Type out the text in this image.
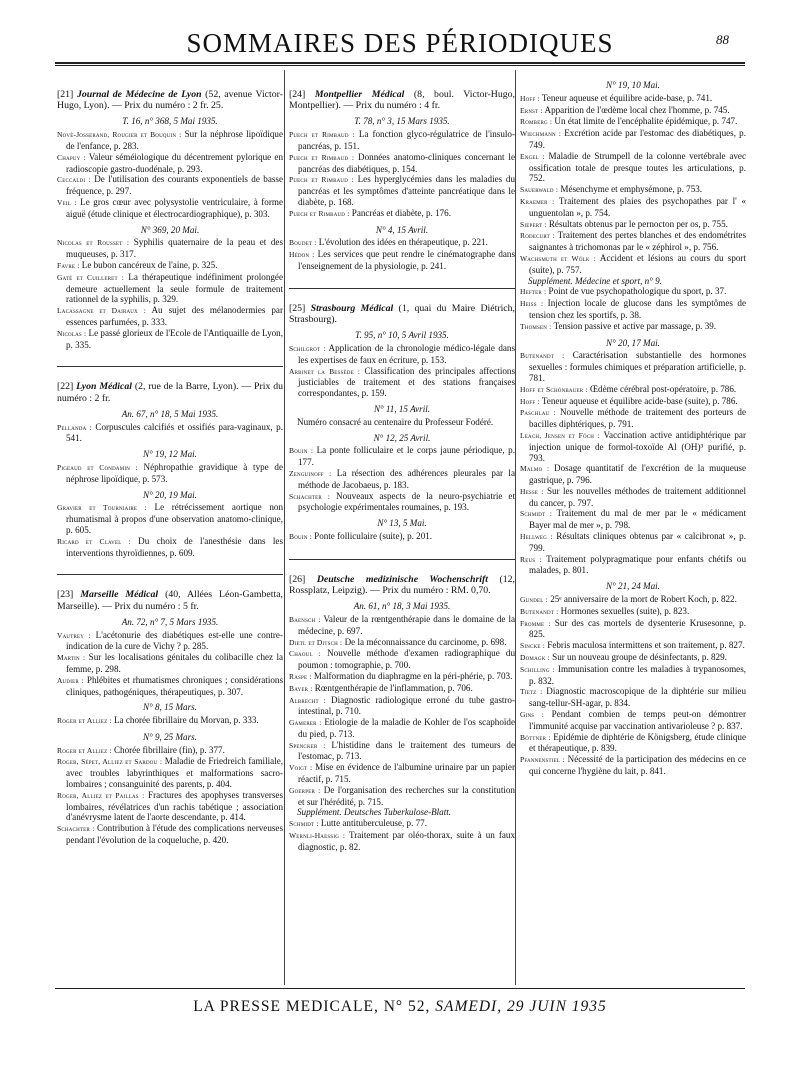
SOMMAIRES DES PÉRIODIQUES	88

[21] Journal de Médecine de Lyon (52, avenue Victor-Hugo, Lyon). — Prix du numéro : 2 fr. 25.

T. 16, n° 368, 5 Mai 1935.

Novè-Josserand, Rougier et Bouquin : Sur la néphrose lipoïdique de l'enfance, p. 283.

Chapuy : Valeur séméiologique du décentrement pylorique en radioscopie gastro-duodénale, p. 293.

Ceccaldi : De l'utilisation des courants exponentiels de basse fréquence, p. 297.

Veil : Le gros cœur avec polysystolie ventriculaire, à forme aiguë (étude clinique et électrocardiographique), p. 303.

N° 369, 20 Mai.

Nicolas et Rousset : Syphilis quaternaire de la peau et des muqueuses, p. 317.

Favre : Le bubon cancéreux de l'aine, p. 325.

Gaté et Cuilleret : La thérapeutique indéfiniment prolongée demeure actuellement la seule formule de traitement rationnel de la syphilis, p. 329.

Lacassagne et Dairaux : Au sujet des mélanodermies par essences parfumées, p. 333.

Nicolas : Le passé glorieux de l'Ecole de l'Antiquaille de Lyon, p. 335.

[22] Lyon Médical (2, rue de la Barre, Lyon). — Prix du numéro : 2 fr.

An. 67, n° 18, 5 Mai 1935.

Pellanda : Corpuscules calcifiés et ossifiés para-vaginaux, p. 541.

N° 19, 12 Mai.

Pigeaud et Condamin : Néphropathie gravidique à type de néphrose lipoïdique, p. 573.

N° 20, 19 Mai.

Gravier et Tourniaire : Le rétrécissement aortique non rhumatismal à propos d'une observation anatomo-clinique, p. 605.

Ricard et Clavel : Du choix de l'anesthésie dans les interventions thyroïdiennes, p. 609.

[23] Marseille Médical (40, Allées Léon-Gambetta, Marseille). — Prix du numéro : 5 fr.

An. 72, n° 7, 5 Mars 1935.

Vautrey : L'acétonurie des diabétiques est-elle une contre-indication de la cure de Vichy ? p. 285.

Martin : Sur les localisations génitales du colibacille chez la femme, p. 298.

Audier : Phlébites et rhumatismes chroniques ; considérations cliniques, pathogéniques, thérapeutiques, p. 307.

N° 8, 15 Mars.

Roger et Alliez : La chorée fibrillaire du Morvan, p. 333.

N° 9, 25 Mars.

Roger et Alliez : Chorée fibrillaire (fin), p. 377.

Roger, Sépet, Alliez et Sardou : Maladie de Friedreich familiale, avec troubles labyrinthiques et malformations sacro-lombaires ; consanguinité des parents, p. 404.

Roger, Alliez et Paillas : Fractures des apophyses transverses lombaires, révélatrices d'un rachis tabétique ; association d'anévrysme latent de l'aorte descendante, p. 414.

Schachter : Contribution à l'étude des complications nerveuses pendant l'évolution de la coqueluche, p. 420.

[24] Montpellier Médical (8, boul. Victor-Hugo, Montpellier). — Prix du numéro : 4 fr.

T. 78, n° 3, 15 Mars 1935.

Puech et Rimbaud : La fonction glyco-régulatrice de l'insulo-pancréas, p. 151.

Puech et Rimbaud : Données anatomo-cliniques concernant le pancréas des diabétiques, p. 154.

Puech et Rimbaud : Les hyperglycémies dans les maladies du pancréas et les symptômes d'atteinte pancréatique dans le diabète, p. 168.

Puech et Rimbaud : Pancréas et diabète, p. 176.

N° 4, 15 Avril.

Boudet : L'évolution des idées en thérapeutique, p. 221.

Hédon : Les services que peut rendre le cinématographe dans l'enseignement de la physiologie, p. 241.

[25] Strasbourg Médical (1, quai du Maire Diétrich, Strasbourg).

T. 95, n° 10, 5 Avril 1935.

Schilgrot : Application de la chronologie médico-légale dans les expertises de faux en écriture, p. 153.

Arbinet la Bessède : Classification des principales affections justiciables de traitement et des stations françaises correspondantes, p. 159.

N° 11, 15 Avril.

Numéro consacré au centenaire du Professeur Fodéré.

N° 12, 25 Avril.

Bouin : La ponte folliculaire et le corps jaune périodique, p. 177.

Zenguinoff : La résection des adhérences pleurales par la méthode de Jacobaeus, p. 183.

Schachter : Nouveaux aspects de la neuro-psychiatrie et psychologie expérimentales roumaines, p. 193.

N° 13, 5 Mai.

Bouin : Ponte folliculaire (suite), p. 201.

[26] Deutsche medizinische Wochenschrift (12, Rossplatz, Leipzig). — Prix du numéro : RM. 0,70.

An. 61, n° 18, 3 Mai 1935.

Baensch : Valeur de la rœntgenthérapie dans le domaine de la médecine, p. 697.

Dietl et Ditsch : De la méconnaissance du carcinome, p. 698.

Chaoul : Nouvelle méthode d'examen radiographique du poumon : tomographie, p. 700.

Raspe : Malformation du diaphragme en la péri-phérie, p. 703.

Bayer : Rœntgenthérapie de l'inflammation, p. 706.

Albrecht : Diagnostic radiologique erroné du tube gastro-intestinal, p. 710.

Gamerer : Etiologie de la maladie de Kohler de l'os scaphoïde du pied, p. 713.

Spencker : L'histidine dans le traitement des tumeurs de l'estomac, p. 713.

Voigt : Mise en évidence de l'albumine urinaire par un papier réactif, p. 715.

Goerper : De l'organisation des recherches sur la constitution et sur l'hérédité, p. 715.

Supplément. Deutsches Tuberkulose-Blatt.

Schmidt : Lutte antituberculeuse, p. 77.

Wernli-Haessig : Traitement par oléo-thorax, suite à un faux diagnostic, p. 82.

N° 19, 10 Mai.

Hoff : Teneur aqueuse et équilibre acide-base, p. 741.

Ernst : Apparition de l'œdème local chez l'homme, p. 745.

Romberg : Un état limite de l'encéphalite épidémique, p. 747.

Wiechmann : Excrétion acide par l'estomac des diabétiques, p. 749.

Engel : Maladie de Strumpell de la colonne vertébrale avec ossification totale de presque toutes les articulations, p. 752.

Sauerwald : Mésenchyme et emphysémone, p. 753.

Kraemer : Traitement des plaies des psychopathes par l' « unguentolan », p. 754.

Siepert : Résultats obtenus par le pernocton per os, p. 755.

Rodecurt : Traitement des pertes blanches et des endométrites saignantes à trichomonas par le « zéphirol », p. 756.

Wachsmuth et Wölk : Accident et lésions au cours du sport (suite), p. 757.

Supplément. Médecine et sport, n° 9.

Hefter : Point de vue psychopathologique du sport, p. 37.

Heiss : Injection locale de glucose dans les symptômes de tension chez les sportifs, p. 38.

Thomsen : Tension passive et active par massage, p. 39.

N° 20, 17 Mai.

Butenandt : Caractérisation substantielle des hormones sexuelles : formules chimiques et préparation artificielle, p. 781.

Hoff et Schönbauer : Œdème cérébral post-opératoire, p. 786.

Hoff : Teneur aqueuse et équilibre acide-base (suite), p. 786.

Paschlau : Nouvelle méthode de traitement des porteurs de bacilles diphtériques, p. 791.

Leach, Jensen et Föch : Vaccination active antidiphtérique par injection unique de formol-toxoïde Al (OH)³ purifié, p. 793.

Malmo : Dosage quantitatif de l'excrétion de la muqueuse gastrique, p. 796.

Hesse : Sur les nouvelles méthodes de traitement additionnel du cancer, p. 797.

Schmidt : Traitement du mal de mer par le « médicament Bayer mal de mer », p. 798.

Hellweg : Résultats cliniques obtenus par « calcibronat », p. 799.

Reus : Traitement polypragmatique pour enfants chétifs ou malades, p. 801.

N° 21, 24 Mai.

Gundel : 25ᵉ anniversaire de la mort de Robert Koch, p. 822.

Butenandt : Hormones sexuelles (suite), p. 823.

Fromme : Sur des cas mortels de dysenterie Krusesonne, p. 825.

Sincke : Febris maculosa intermittens et son traitement, p. 827.

Domagk : Sur un nouveau groupe de désinfectants, p. 829.

Schilling : Immunisation contre les maladies à trypanosomes, p. 832.

Tietz : Diagnostic macroscopique de la diphtérie sur milieu sang-tellur-SH-agar, p. 834.

Gins : Pendant combien de temps peut-on démontrer l'immunité acquise par vaccination antivarioleuse ? p. 837.

Böttner : Epidémie de diphtérie de Königsberg, étude clinique et thérapeutique, p. 839.

Pfannenstiel : Nécessité de la participation des médecins en ce qui concerne l'hygiène du lait, p. 841.

LA PRESSE MEDICALE, N° 52, SAMEDI, 29 JUIN 1935
